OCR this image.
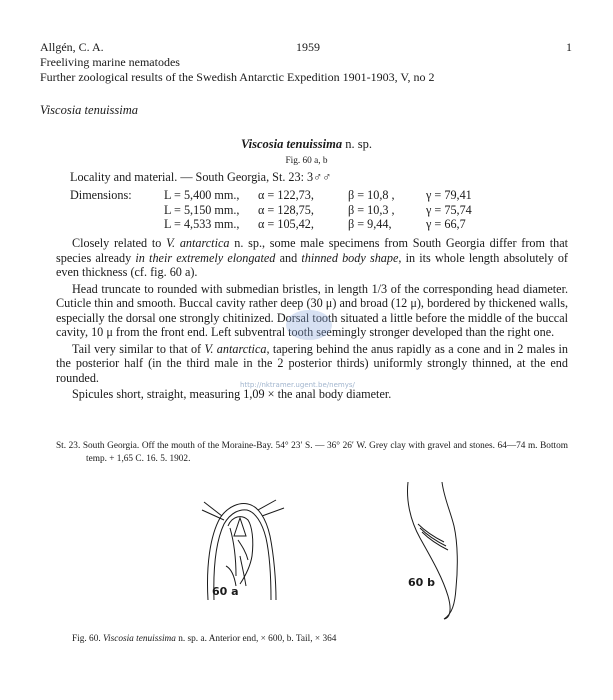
Allgén, C. A.	1959	1
Freeliving marine nematodes
Further zoological results of the Swedish Antarctic Expedition 1901-1903, V, no 2
Viscosia tenuissima
Viscosia tenuissima n. sp.
Fig. 60 a, b
Locality and material. — South Georgia, St. 23: 3♂♂
Dimensions:	L = 5,400 mm.,	α = 122,73,	β = 10,8 ,	γ = 79,41
	L = 5,150 mm.,	α = 128,75,	β = 10,3 ,	γ = 75,74
	L = 4,533 mm.,	α = 105,42,	β = 9,44,	γ = 66,7
Closely related to V. antarctica n. sp., some male specimens from South Georgia differ from that species already in their extremely elongated and thinned body shape, in its whole length absolutely of even thickness (cf. fig. 60 a).
Head truncate to rounded with submedian bristles, in length 1/3 of the corresponding head diameter. Cuticle thin and smooth. Buccal cavity rather deep (30 μ) and broad (12 μ), bordered by thickened walls, especially the dorsal one strongly chitinized. Dorsal tooth situated a little before the middle of the buccal cavity, 10 μ from the front end. Left subventral tooth seemingly stronger developed than the right one.
Tail very similar to that of V. antarctica, tapering behind the anus rapidly as a cone and in 2 males in the posterior half (in the third male in the 2 posterior thirds) uniformly strongly thinned, at the end rounded.
Spicules short, straight, measuring 1,09 × the anal body diameter.
St. 23. South Georgia. Off the mouth of the Moraine-Bay. 54° 23′ S. — 36° 26′ W. Grey clay with gravel and stones. 64—74 m. Bottom temp. + 1,65 C. 16. 5. 1902.
http://nktramer.ugent.be/nemys/
60 a
60 b
Fig. 60. Viscosia tenuissima n. sp. a. Anterior end, × 600, b. Tail, × 364
